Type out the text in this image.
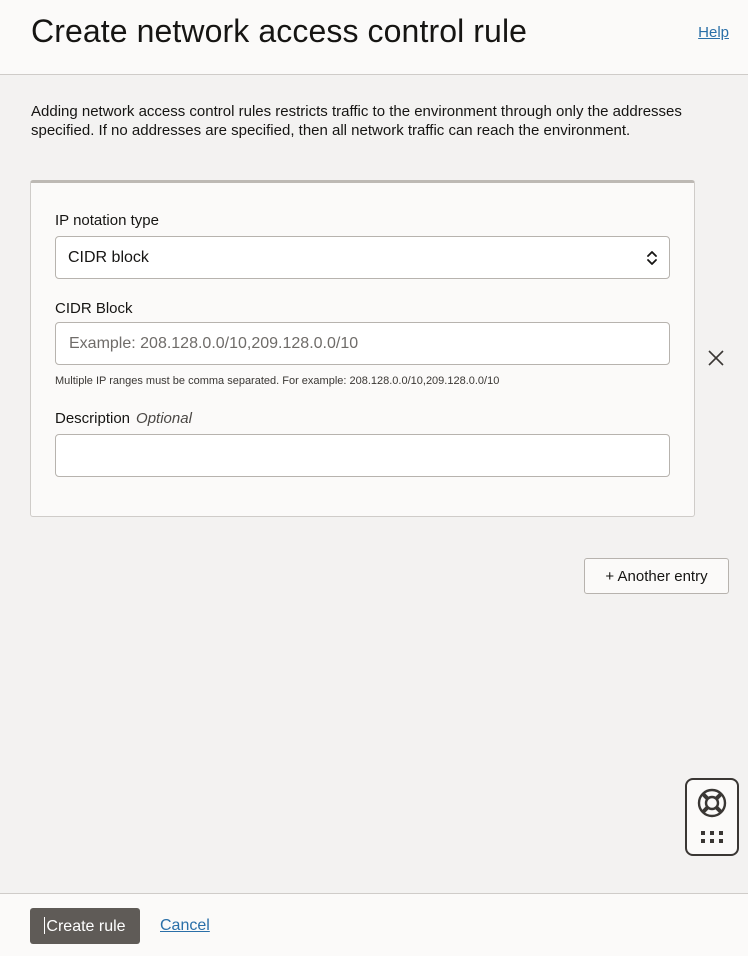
Create network access control rule	Help

Adding network access control rules restricts traffic to the environment through only the addresses specified. If no addresses are specified, then all network traffic can reach the environment.

IP notation type
CIDR block
CIDR Block
Example: 208.128.0.0/10,209.128.0.0/10
Multiple IP ranges must be comma separated. For example: 208.128.0.0/10,209.128.0.0/10
Description Optional
+ Another entry
Create rule	Cancel
